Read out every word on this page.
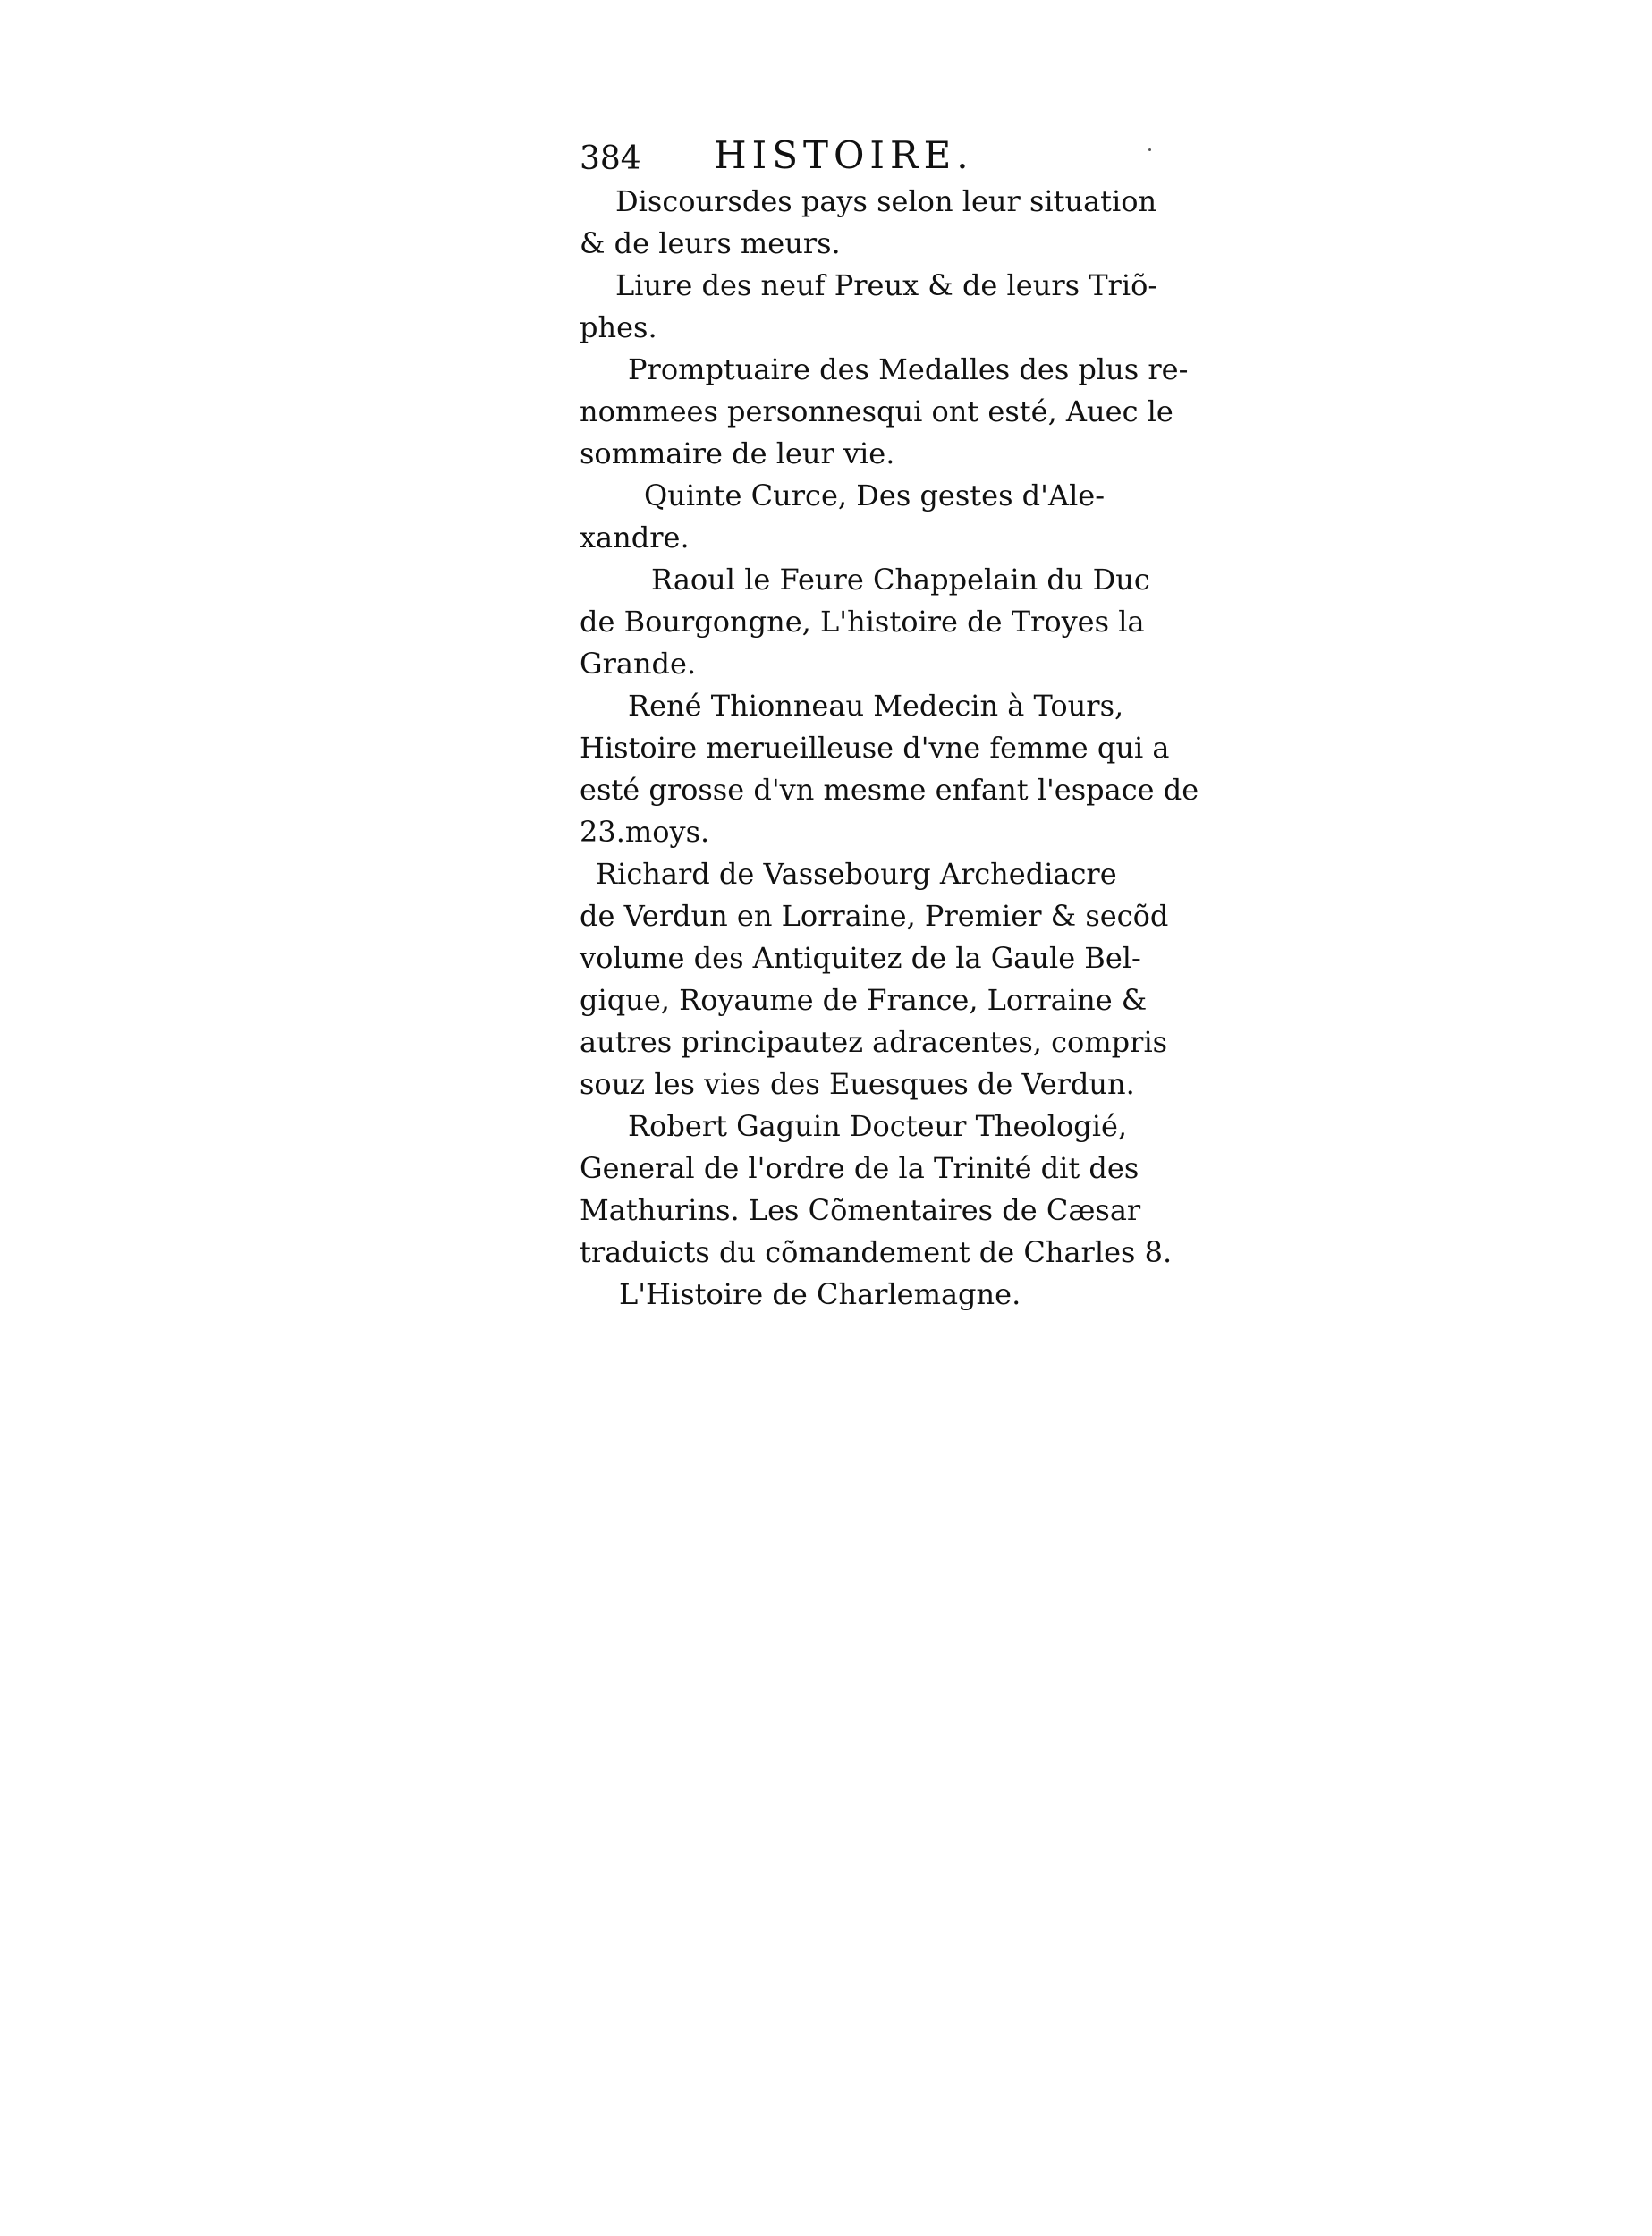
384 HISTOIRE.

Discoursdes pays selon leur situation
& de leurs meurs.

Liure des neuf Preux & de leurs Triõ-
phes.

Promptuaire des Medalles des plus re-
nommees personnesqui ont esté, Auec le
sommaire de leur vie.

Quinte Curce, Des gestes d'Ale-
xandre.

Raoul le Feure Chappelain du Duc
de Bourgongne, L'histoire de Troyes la
Grande.

René Thionneau Medecin à Tours,
Histoire merueilleuse d'vne femme qui a
esté grosse d'vn mesme enfant l'espace de
23.moys.

Richard de Vassebourg Archediacre
de Verdun en Lorraine, Premier & secõd
volume des Antiquitez de la Gaule Bel-
gique, Royaume de France, Lorraine &
autres principautez adracentes, compris
souz les vies des Euesques de Verdun.

Robert Gaguin Docteur Theologié,
General de l'ordre de la Trinité dit des
Mathurins. Les Cõmentaires de Cæsar
traduicts du cõmandement de Charles 8.

L'Histoire de Charlemagne.
